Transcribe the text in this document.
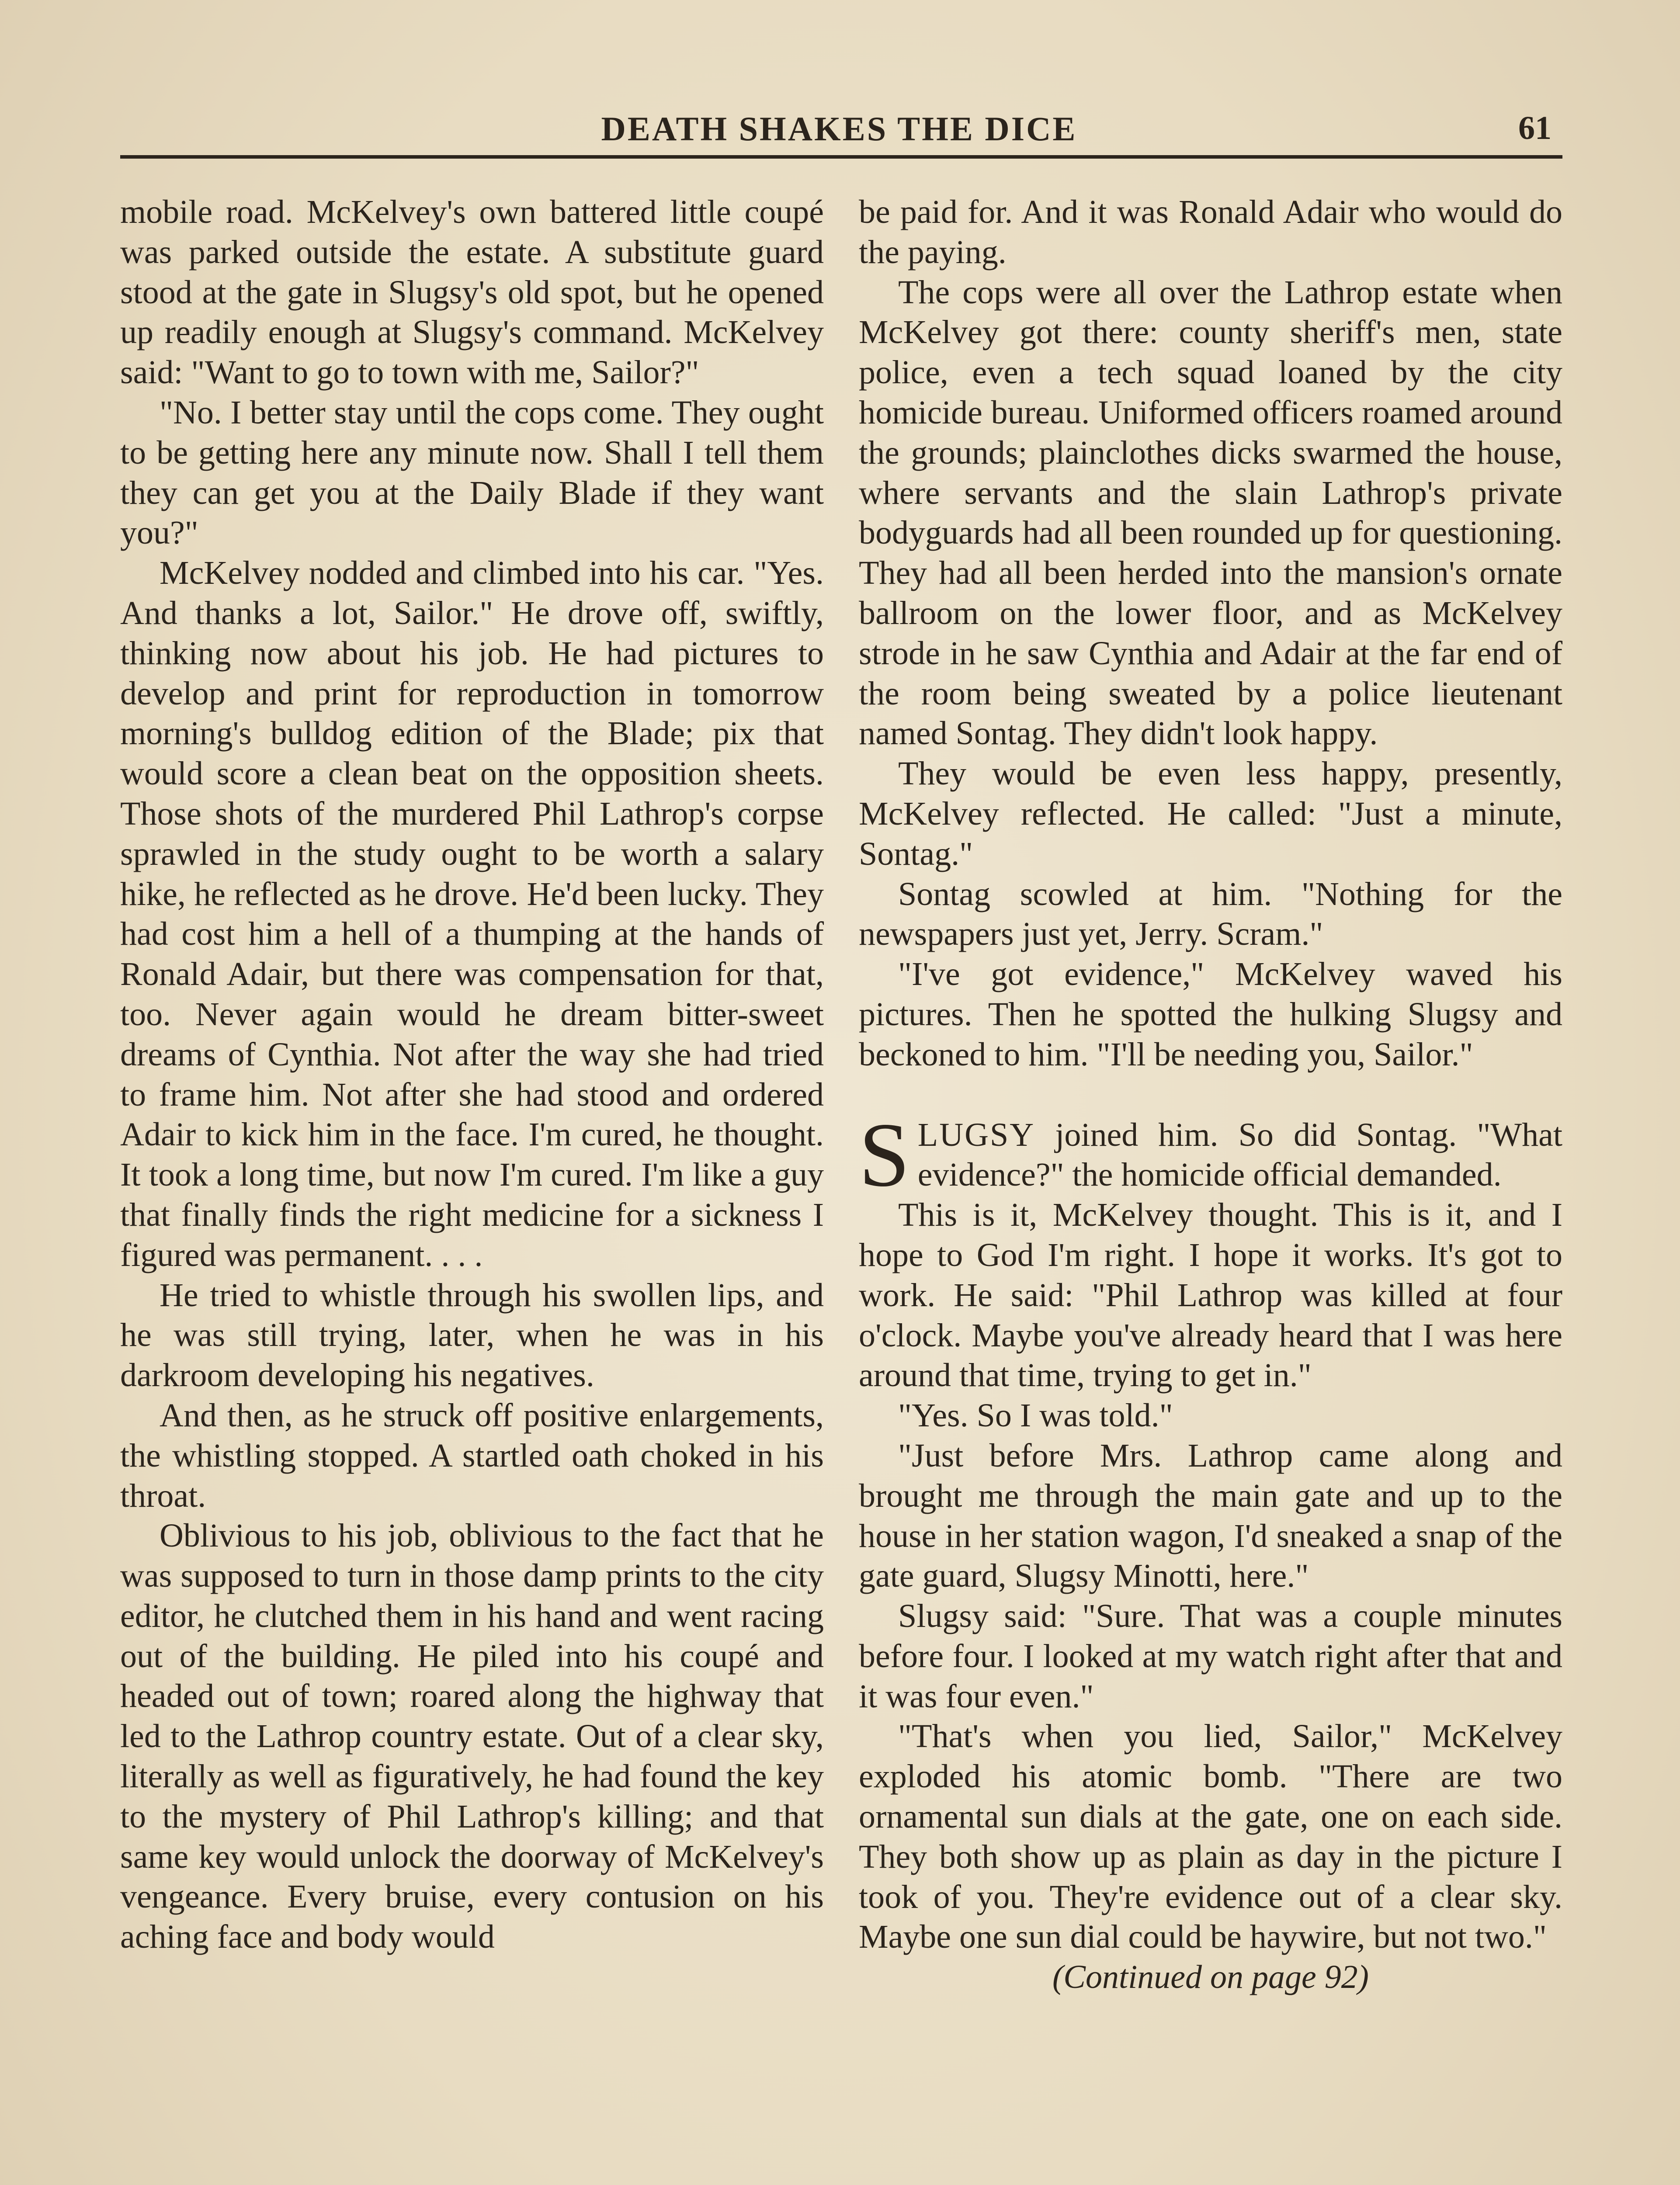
DEATH SHAKES THE DICE	61

mobile road. McKelvey's own battered little coupé was parked outside the estate. A substitute guard stood at the gate in Slugsy's old spot, but he opened up readily enough at Slugsy's command. McKelvey said: "Want to go to town with me, Sailor?"

"No. I better stay until the cops come. They ought to be getting here any minute now. Shall I tell them they can get you at the Daily Blade if they want you?"

McKelvey nodded and climbed into his car. "Yes. And thanks a lot, Sailor." He drove off, swiftly, thinking now about his job. He had pictures to develop and print for reproduction in tomorrow morning's bulldog edition of the Blade; pix that would score a clean beat on the opposition sheets. Those shots of the murdered Phil Lathrop's corpse sprawled in the study ought to be worth a salary hike, he reflected as he drove. He'd been lucky. They had cost him a hell of a thumping at the hands of Ronald Adair, but there was compensation for that, too. Never again would he dream bitter-sweet dreams of Cynthia. Not after the way she had tried to frame him. Not after she had stood and ordered Adair to kick him in the face. I'm cured, he thought. It took a long time, but now I'm cured. I'm like a guy that finally finds the right medicine for a sickness I figured was permanent. . . .

He tried to whistle through his swollen lips, and he was still trying, later, when he was in his darkroom developing his negatives.

And then, as he struck off positive enlargements, the whistling stopped. A startled oath choked in his throat.

Oblivious to his job, oblivious to the fact that he was supposed to turn in those damp prints to the city editor, he clutched them in his hand and went racing out of the building. He piled into his coupé and headed out of town; roared along the highway that led to the Lathrop country estate. Out of a clear sky, literally as well as figuratively, he had found the key to the mystery of Phil Lathrop's killing; and that same key would unlock the doorway of McKelvey's vengeance. Every bruise, every contusion on his aching face and body would

be paid for. And it was Ronald Adair who would do the paying.

The cops were all over the Lathrop estate when McKelvey got there: county sheriff's men, state police, even a tech squad loaned by the city homicide bureau. Uniformed officers roamed around the grounds; plainclothes dicks swarmed the house, where servants and the slain Lathrop's private bodyguards had all been rounded up for questioning. They had all been herded into the mansion's ornate ballroom on the lower floor, and as McKelvey strode in he saw Cynthia and Adair at the far end of the room being sweated by a police lieutenant named Sontag. They didn't look happy.

They would be even less happy, presently, McKelvey reflected. He called: "Just a minute, Sontag."

Sontag scowled at him. "Nothing for the newspapers just yet, Jerry. Scram."

"I've got evidence," McKelvey waved his pictures. Then he spotted the hulking Slugsy and beckoned to him. "I'll be needing you, Sailor."

SLUGSY joined him. So did Sontag. "What evidence?" the homicide official demanded.

This is it, McKelvey thought. This is it, and I hope to God I'm right. I hope it works. It's got to work. He said: "Phil Lathrop was killed at four o'clock. Maybe you've already heard that I was here around that time, trying to get in."

"Yes. So I was told."

"Just before Mrs. Lathrop came along and brought me through the main gate and up to the house in her station wagon, I'd sneaked a snap of the gate guard, Slugsy Minotti, here."

Slugsy said: "Sure. That was a couple minutes before four. I looked at my watch right after that and it was four even."

"That's when you lied, Sailor," McKelvey exploded his atomic bomb. "There are two ornamental sun dials at the gate, one on each side. They both show up as plain as day in the picture I took of you. They're evidence out of a clear sky. Maybe one sun dial could be haywire, but not two."

(Continued on page 92)
